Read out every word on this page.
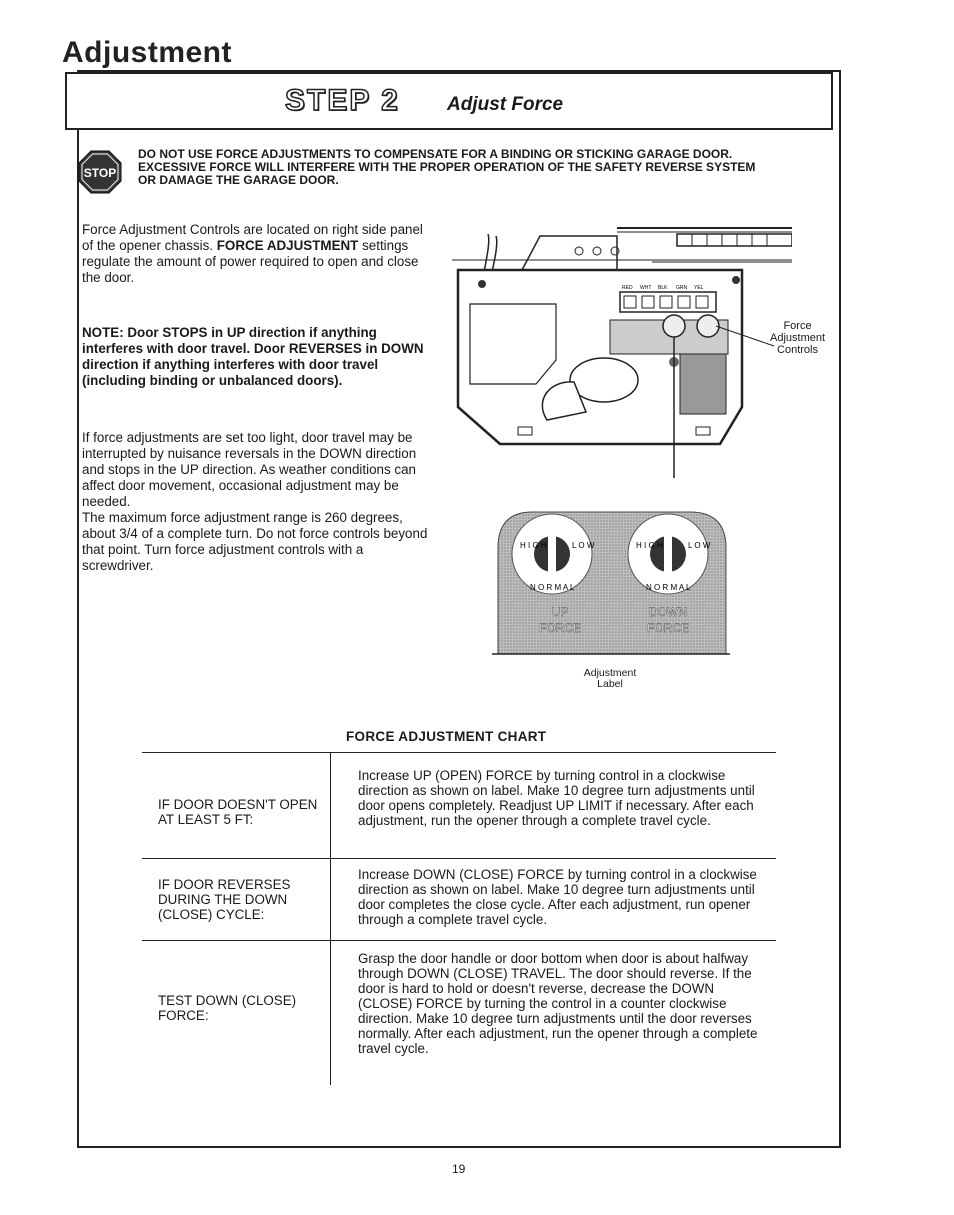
Adjustment
STEP 2 Adjust Force
STOP
DO NOT USE FORCE ADJUSTMENTS TO COMPENSATE FOR A BINDING OR STICKING GARAGE DOOR.
EXCESSIVE FORCE WILL INTERFERE WITH THE PROPER OPERATION OF THE SAFETY REVERSE SYSTEM
OR DAMAGE THE GARAGE DOOR.
Force Adjustment Controls are located on right side panel of the opener chassis. FORCE ADJUSTMENT settings regulate the amount of power required to open and close the door.
NOTE: Door STOPS in UP direction if anything interferes with door travel. Door REVERSES in DOWN direction if anything interferes with door travel (including binding or unbalanced doors).
If force adjustments are set too light, door travel may be interrupted by nuisance reversals in the DOWN direction and stops in the UP direction. As weather conditions can affect door movement, occasional adjustment may be needed.
The maximum force adjustment range is 260 degrees, about 3/4 of a complete turn. Do not force controls beyond that point. Turn force adjustment controls with a screwdriver.
RED WHT BLK GRN YEL
Force
Adjustment
Controls
H I G H	L O W
N O R M A L
H I G H	L O W
N O R M A L
UP
FORCE
DOWN
FORCE
Adjustment
Label
FORCE ADJUSTMENT CHART
IF DOOR DOESN'T OPEN AT LEAST 5 FT:
Increase UP (OPEN) FORCE by turning control in a clockwise direction as shown on label. Make 10 degree turn adjustments until door opens completely. Readjust UP LIMIT if necessary. After each adjustment, run the opener through a complete travel cycle.
IF DOOR REVERSES DURING THE DOWN (CLOSE) CYCLE:
Increase DOWN (CLOSE) FORCE by turning control in a clockwise direction as shown on label. Make 10 degree turn adjustments until door completes the close cycle. After each adjustment, run opener through a complete travel cycle.
TEST DOWN (CLOSE) FORCE:
Grasp the door handle or door bottom when door is about halfway through DOWN (CLOSE) TRAVEL. The door should reverse. If the door is hard to hold or doesn't reverse, decrease the DOWN (CLOSE) FORCE by turning the control in a counter clockwise direction. Make 10 degree turn adjustments until the door reverses normally. After each adjustment, run the opener through a complete travel cycle.
19
